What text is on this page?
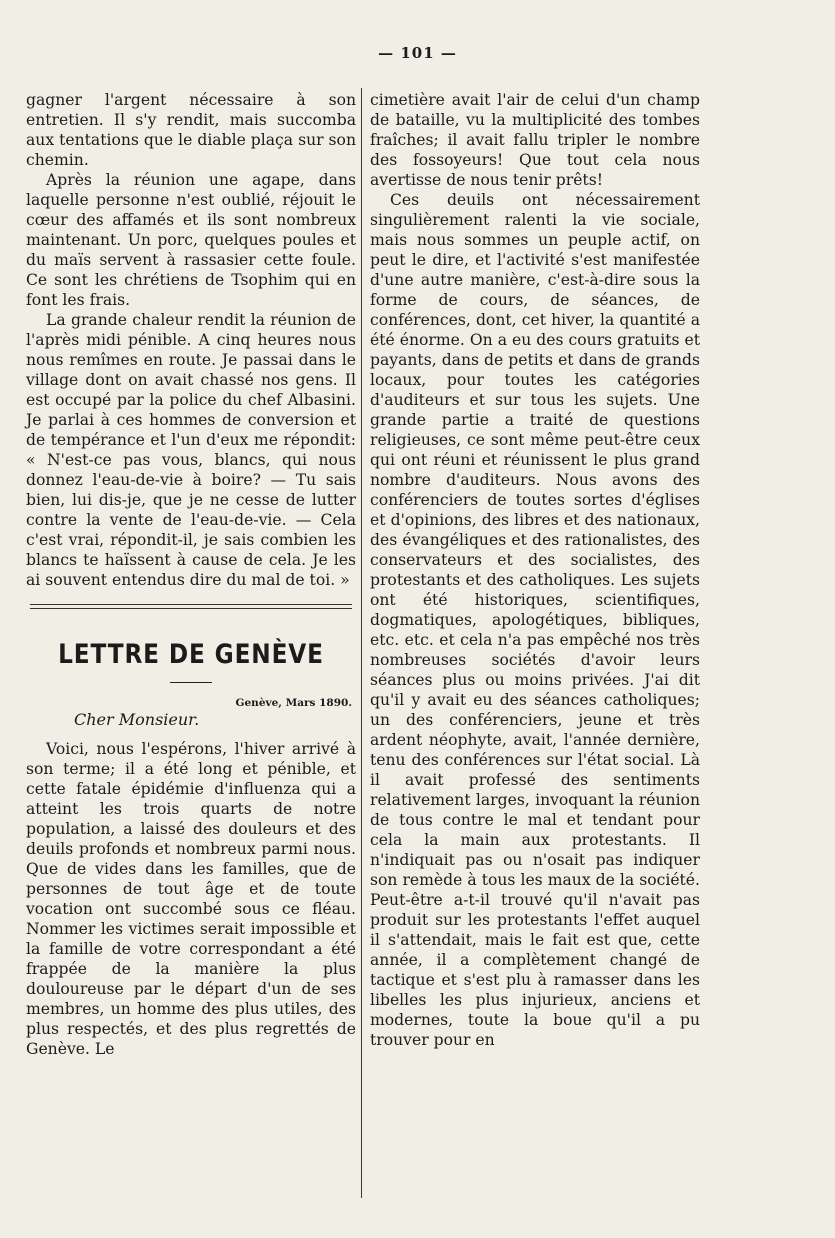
— 101 —

gagner l'argent nécessaire à son entretien. Il s'y rendit, mais succomba aux tentations que le diable plaça sur son chemin.

Après la réunion une agape, dans laquelle personne n'est oublié, réjouit le cœur des affamés et ils sont nombreux maintenant. Un porc, quelques poules et du maïs servent à rassasier cette foule. Ce sont les chrétiens de Tsophim qui en font les frais.

La grande chaleur rendit la réunion de l'après midi pénible. A cinq heures nous nous remîmes en route. Je passai dans le village dont on avait chassé nos gens. Il est occupé par la police du chef Albasini. Je parlai à ces hommes de conversion et de tempérance et l'un d'eux me répondit: « N'est-ce pas vous, blancs, qui nous donnez l'eau-de-vie à boire? — Tu sais bien, lui dis-je, que je ne cesse de lutter contre la vente de l'eau-de-vie. — Cela c'est vrai, répondit-il, je sais combien les blancs te haïssent à cause de cela. Je les ai souvent entendus dire du mal de toi. »

LETTRE DE GENÈVE
Genève, Mars 1890.
Cher Monsieur.

Voici, nous l'espérons, l'hiver arrivé à son terme; il a été long et pénible, et cette fatale épidémie d'influenza qui a atteint les trois quarts de notre population, a laissé des douleurs et des deuils profonds et nombreux parmi nous. Que de vides dans les familles, que de personnes de tout âge et de toute vocation ont succombé sous ce fléau. Nommer les victimes serait impossible et la famille de votre correspondant a été frappée de la manière la plus douloureuse par le départ d'un de ses membres, un homme des plus utiles, des plus respectés, et des plus regrettés de Genève. Le

cimetière avait l'air de celui d'un champ de bataille, vu la multiplicité des tombes fraîches; il avait fallu tripler le nombre des fossoyeurs! Que tout cela nous avertisse de nous tenir prêts!

Ces deuils ont nécessairement singulièrement ralenti la vie sociale, mais nous sommes un peuple actif, on peut le dire, et l'activité s'est manifestée d'une autre manière, c'est-à-dire sous la forme de cours, de séances, de conférences, dont, cet hiver, la quantité a été énorme. On a eu des cours gratuits et payants, dans de petits et dans de grands locaux, pour toutes les catégories d'auditeurs et sur tous les sujets. Une grande partie a traité de questions religieuses, ce sont même peut-être ceux qui ont réuni et réunissent le plus grand nombre d'auditeurs. Nous avons des conférenciers de toutes sortes d'églises et d'opinions, des libres et des nationaux, des évangéliques et des rationalistes, des conservateurs et des socialistes, des protestants et des catholiques. Les sujets ont été historiques, scientifiques, dogmatiques, apologétiques, bibliques, etc. etc. et cela n'a pas empêché nos très nombreuses sociétés d'avoir leurs séances plus ou moins privées. J'ai dit qu'il y avait eu des séances catholiques; un des conférenciers, jeune et très ardent néophyte, avait, l'année dernière, tenu des conférences sur l'état social. Là il avait professé des sentiments relativement larges, invoquant la réunion de tous contre le mal et tendant pour cela la main aux protestants. Il n'indiquait pas ou n'osait pas indiquer son remède à tous les maux de la société. Peut-être a-t-il trouvé qu'il n'avait pas produit sur les protestants l'effet auquel il s'attendait, mais le fait est que, cette année, il a complètement changé de tactique et s'est plu à ramasser dans les libelles les plus injurieux, anciens et modernes, toute la boue qu'il a pu trouver pour en
